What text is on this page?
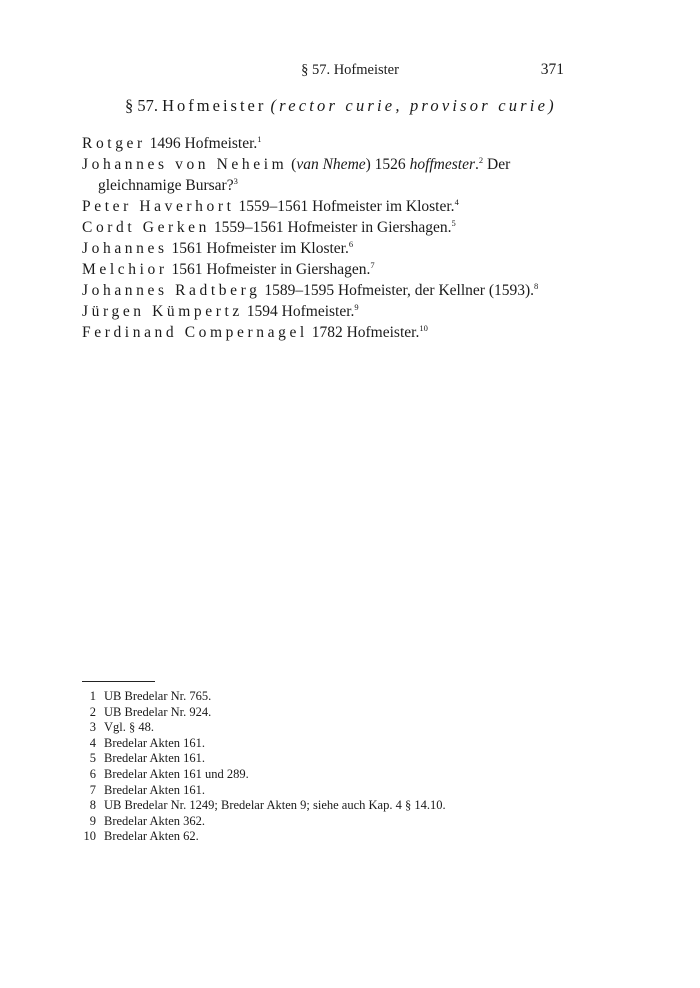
§ 57. Hofmeister	371
§ 57. Hofmeister (rector curie, provisor curie)
Rotger 1496 Hofmeister.$^1$
Johannes von Neheim (van Nheme) 1526 hoffmester.$^2$ Der gleichnamige Bursar?$^3$
Peter Haverhort 1559–1561 Hofmeister im Kloster.$^4$
Cordt Gerken 1559–1561 Hofmeister in Giershagen.$^5$
Johannes 1561 Hofmeister im Kloster.$^6$
Melchior 1561 Hofmeister in Giershagen.$^7$
Johannes Radtberg 1589–1595 Hofmeister, der Kellner (1593).$^8$
Jürgen Kümpertz 1594 Hofmeister.$^9$
Ferdinand Compernagel 1782 Hofmeister.$^{10}$
1 UB Bredelar Nr. 765.
2 UB Bredelar Nr. 924.
3 Vgl. § 48.
4 Bredelar Akten 161.
5 Bredelar Akten 161.
6 Bredelar Akten 161 und 289.
7 Bredelar Akten 161.
8 UB Bredelar Nr. 1249; Bredelar Akten 9; siehe auch Kap. 4 § 14.10.
9 Bredelar Akten 362.
10 Bredelar Akten 62.
